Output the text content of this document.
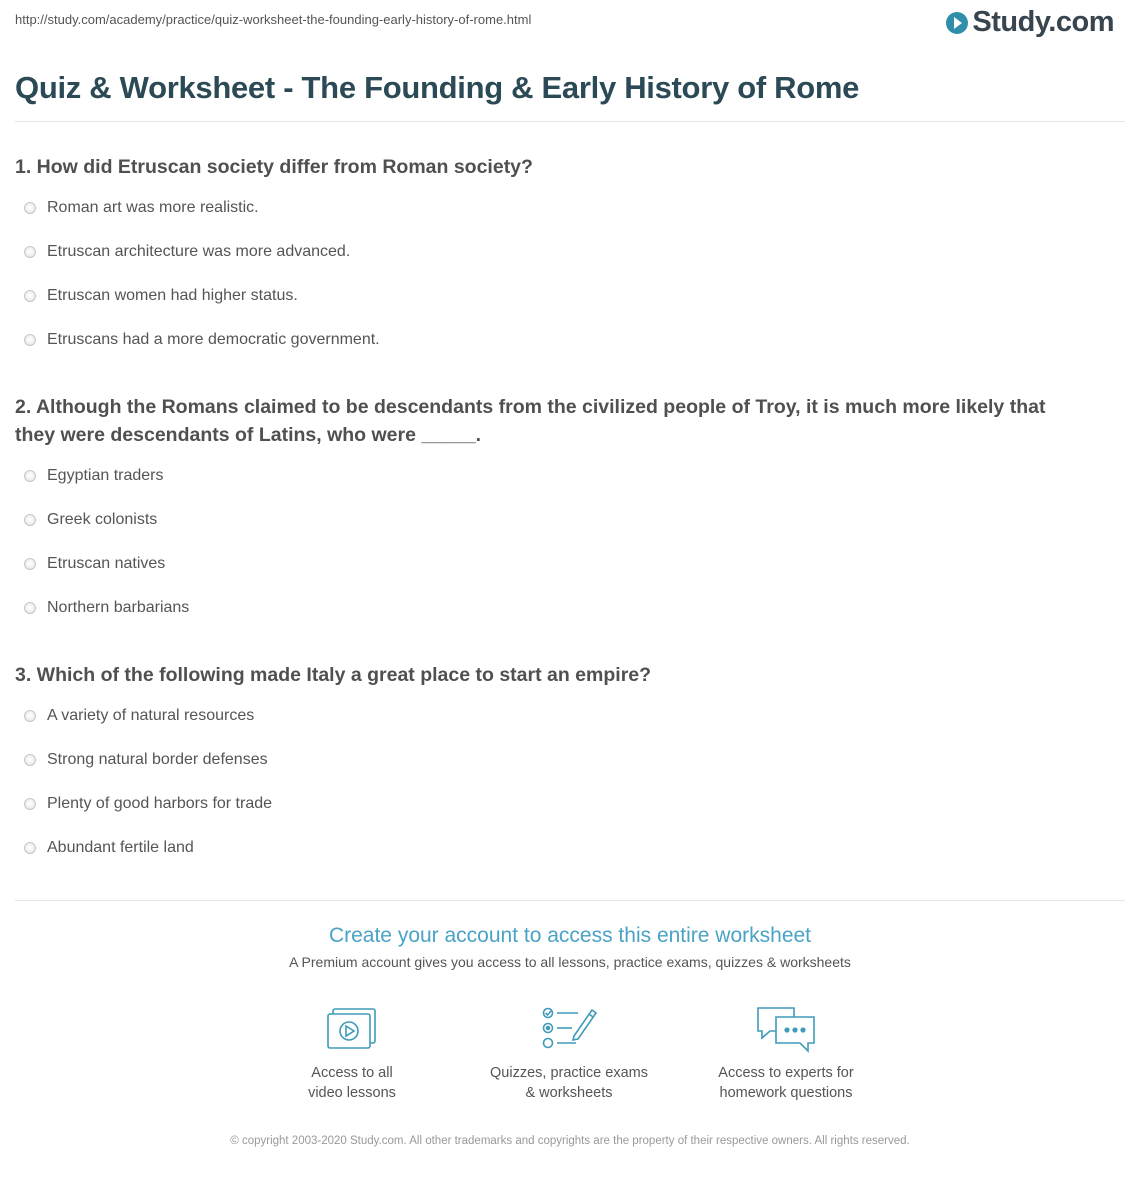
http://study.com/academy/practice/quiz-worksheet-the-founding-early-history-of-rome.html	Study.com
Quiz & Worksheet - The Founding & Early History of Rome
1. How did Etruscan society differ from Roman society?
Roman art was more realistic.
Etruscan architecture was more advanced.
Etruscan women had higher status.
Etruscans had a more democratic government.
2. Although the Romans claimed to be descendants from the civilized people of Troy, it is much more likely that
they were descendants of Latins, who were _____.
Egyptian traders
Greek colonists
Etruscan natives
Northern barbarians
3. Which of the following made Italy a great place to start an empire?
A variety of natural resources
Strong natural border defenses
Plenty of good harbors for trade
Abundant fertile land
Create your account to access this entire worksheet
A Premium account gives you access to all lessons, practice exams, quizzes & worksheets
Access to all
video lessons
Quizzes, practice exams
& worksheets
Access to experts for
homework questions
© copyright 2003-2020 Study.com. All other trademarks and copyrights are the property of their respective owners. All rights reserved.
